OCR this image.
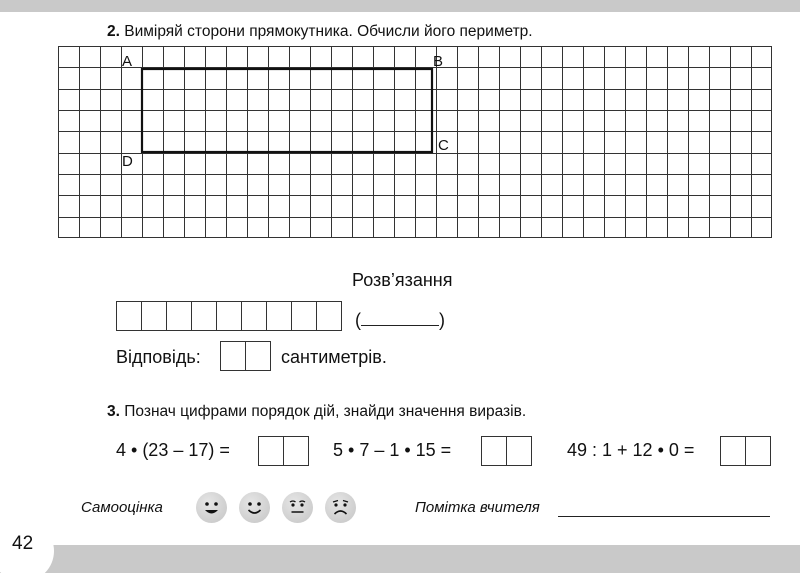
2. Виміряй сторони прямокутника. Обчисли його периметр.
A	B
C
D
Розв’язання
(	)
Відповідь:	сантиметрів.
3. Познач цифрами порядок дій, знайди значення виразів.
4 • (23 – 17) =	5 • 7 – 1 • 15 =	49 : 1 + 12 • 0 =
Самооцінка	Помітка вчителя
42
